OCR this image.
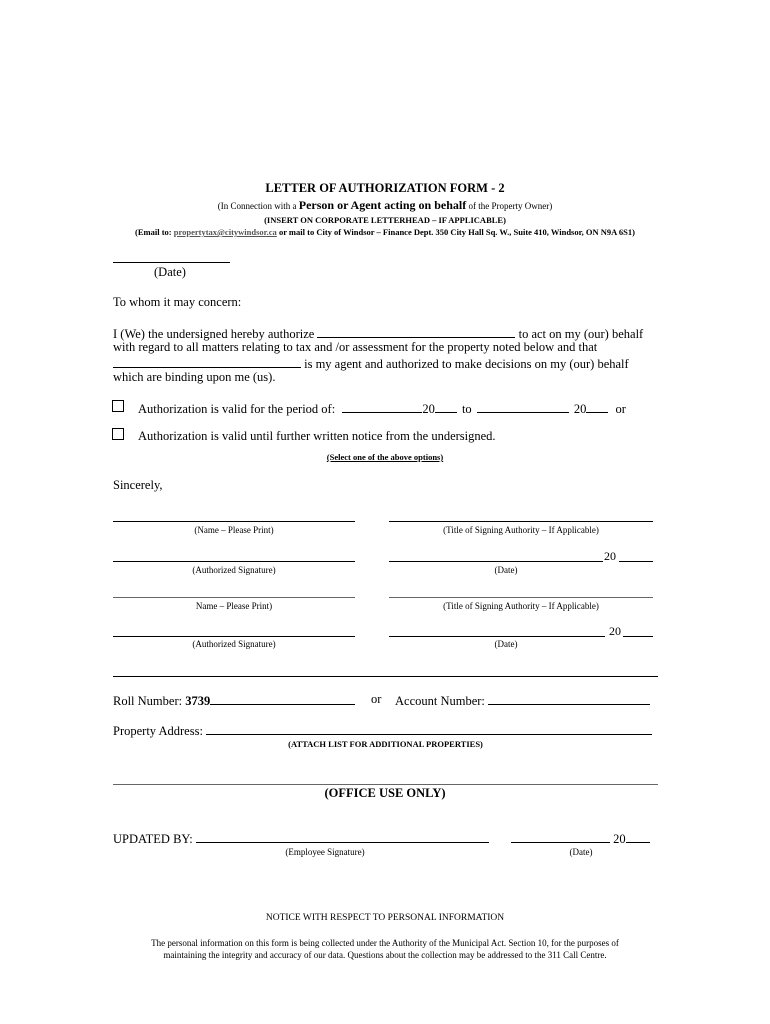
LETTER OF AUTHORIZATION FORM - 2
(In Connection with a Person or Agent acting on behalf of the Property Owner)
(INSERT ON CORPORATE LETTERHEAD – IF APPLICABLE)
(Email to: propertytax@citywindsor.ca or mail to City of Windsor – Finance Dept. 350 City Hall Sq. W., Suite 410, Windsor, ON N9A 6S1)
(Date)
To whom it may concern:
I (We) the undersigned hereby authorize	to act on my (our) behalf
with regard to all matters relating to tax and /or assessment for the property noted below and that
is my agent and authorized to make decisions on my (our) behalf
which are binding upon me (us).
Authorization is valid for the period of:	20 to	20 or
Authorization is valid until further written notice from the undersigned.
(Select one of the above options)
Sincerely,
(Name – Please Print)	(Title of Signing Authority – If Applicable)
20
(Authorized Signature)	(Date)
Name – Please Print)	(Title of Signing Authority – If Applicable)
20
(Authorized Signature)	(Date)
Roll Number: 3739	or Account Number:
Property Address:
(ATTACH LIST FOR ADDITIONAL PROPERTIES)
(OFFICE USE ONLY)
UPDATED BY:	20
(Employee Signature)	(Date)
NOTICE WITH RESPECT TO PERSONAL INFORMATION
The personal information on this form is being collected under the Authority of the Municipal Act. Section 10, for the purposes of
maintaining the integrity and accuracy of our data. Questions about the collection may be addressed to the 311 Call Centre.
